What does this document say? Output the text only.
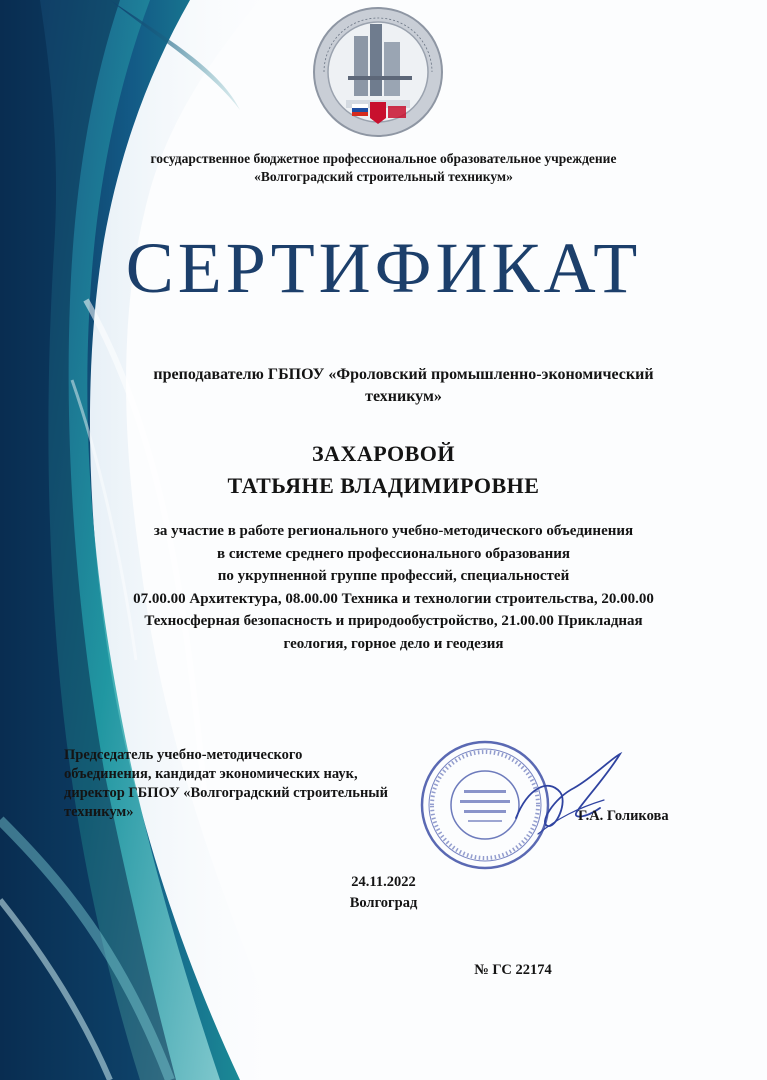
государственное бюджетное профессиональное образовательное учреждение
«Волгоградский строительный техникум»
СЕРТИФИКАТ
преподавателю ГБПОУ «Фроловский промышленно-экономический
техникум»
ЗАХАРОВОЙ
ТАТЬЯНЕ ВЛАДИМИРОВНЕ
за участие в работе регионального учебно-методического объединения
в системе среднего профессионального образования
по укрупненной группе профессий, специальностей
07.00.00 Архитектура, 08.00.00 Техника и технологии строительства, 20.00.00
Техносферная безопасность и природообустройство, 21.00.00 Прикладная
геология, горное дело и геодезия
Председатель учебно-методического
объединения, кандидат экономических наук,
директор ГБПОУ «Волгоградский строительный
техникум»	Г.А. Голикова
24.11.2022
Волгоград
№ ГС 22174
